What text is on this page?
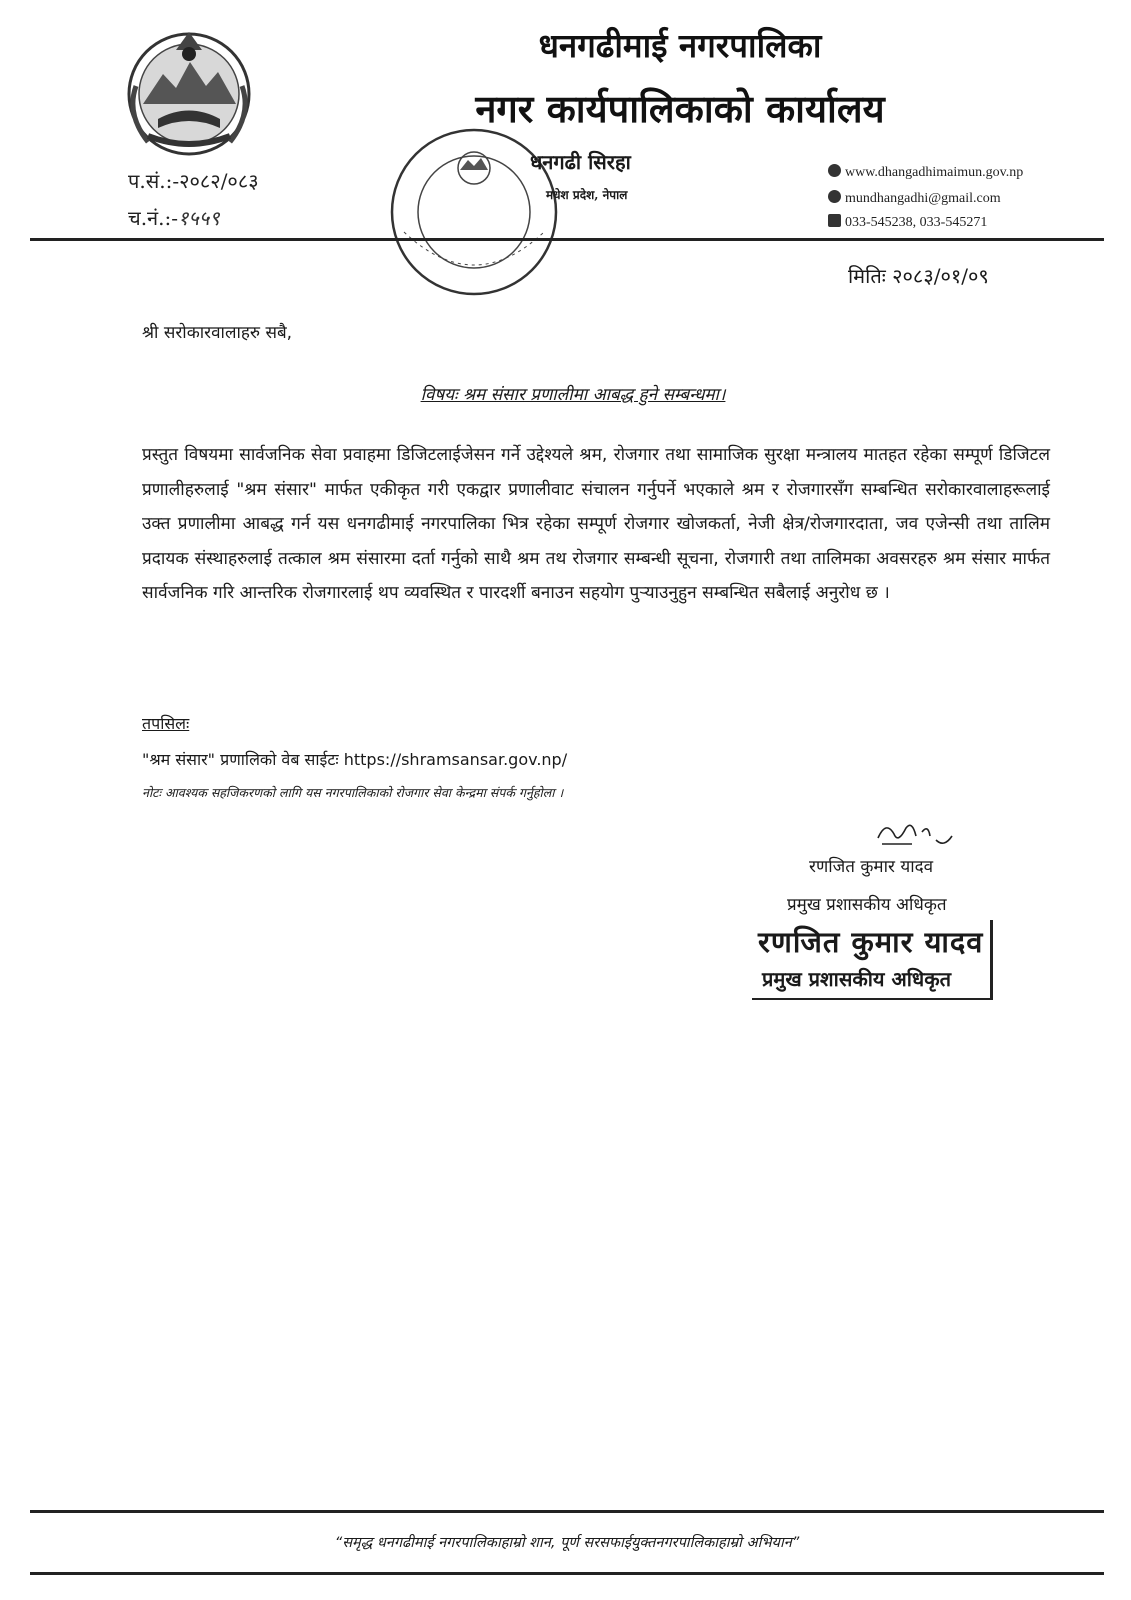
धनगढीमाई नगरपालिका
नगर कार्यपालिकाको कार्यालय
धनगढी सिरहा
मधेश प्रदेश, नेपाल
प.सं.:-२०८२/०८३
च.नं.:-१५५९
www.dhangadhimaimun.gov.np
mundhangadhi@gmail.com
033-545238, 033-545271
मितिः २०८३/०१/०९
श्री सरोकारवालाहरु सबै,
विषयः श्रम संसार प्रणालीमा आबद्ध हुने सम्बन्धमा।
प्रस्तुत विषयमा सार्वजनिक सेवा प्रवाहमा डिजिटलाईजेसन गर्ने उद्देश्यले श्रम, रोजगार तथा सामाजिक सुरक्षा मन्त्रालय मातहत रहेका सम्पूर्ण डिजिटल प्रणालीहरुलाई "श्रम संसार" मार्फत एकीकृत गरी एकद्वार प्रणालीवाट संचालन गर्नुपर्ने भएकाले श्रम र रोजगारसँग सम्बन्धित सरोकारवालाहरूलाई उक्त प्रणालीमा आबद्ध गर्न यस धनगढीमाई नगरपालिका भित्र रहेका सम्पूर्ण रोजगार खोजकर्ता, नेजी क्षेत्र/रोजगारदाता, जव एजेन्सी तथा तालिम प्रदायक संस्थाहरुलाई तत्काल श्रम संसारमा दर्ता गर्नुको साथै श्रम तथ रोजगार सम्बन्धी सूचना, रोजगारी तथा तालिमका अवसरहरु श्रम संसार मार्फत सार्वजनिक गरि आन्तरिक रोजगारलाई थप व्यवस्थित र पारदर्शी बनाउन सहयोग पुर्‍याउनुहुन सम्बन्धित सबैलाई अनुरोध छ ।
तपसिलः
"श्रम संसार" प्रणालिको वेब साईटः https://shramsansar.gov.np/
नोटः आवश्यक सहजिकरणको लागि यस नगरपालिकाको रोजगार सेवा केन्द्रमा संपर्क गर्नुहोला ।
रणजित कुमार यादव
प्रमुख प्रशासकीय अधिकृत
रणजित कुमार यादव
प्रमुख प्रशासकीय अधिकृत
“समृद्ध धनगढीमाई नगरपालिकाहाम्रो शान, पूर्ण सरसफाईयुक्तनगरपालिकाहाम्रो अभियान”
